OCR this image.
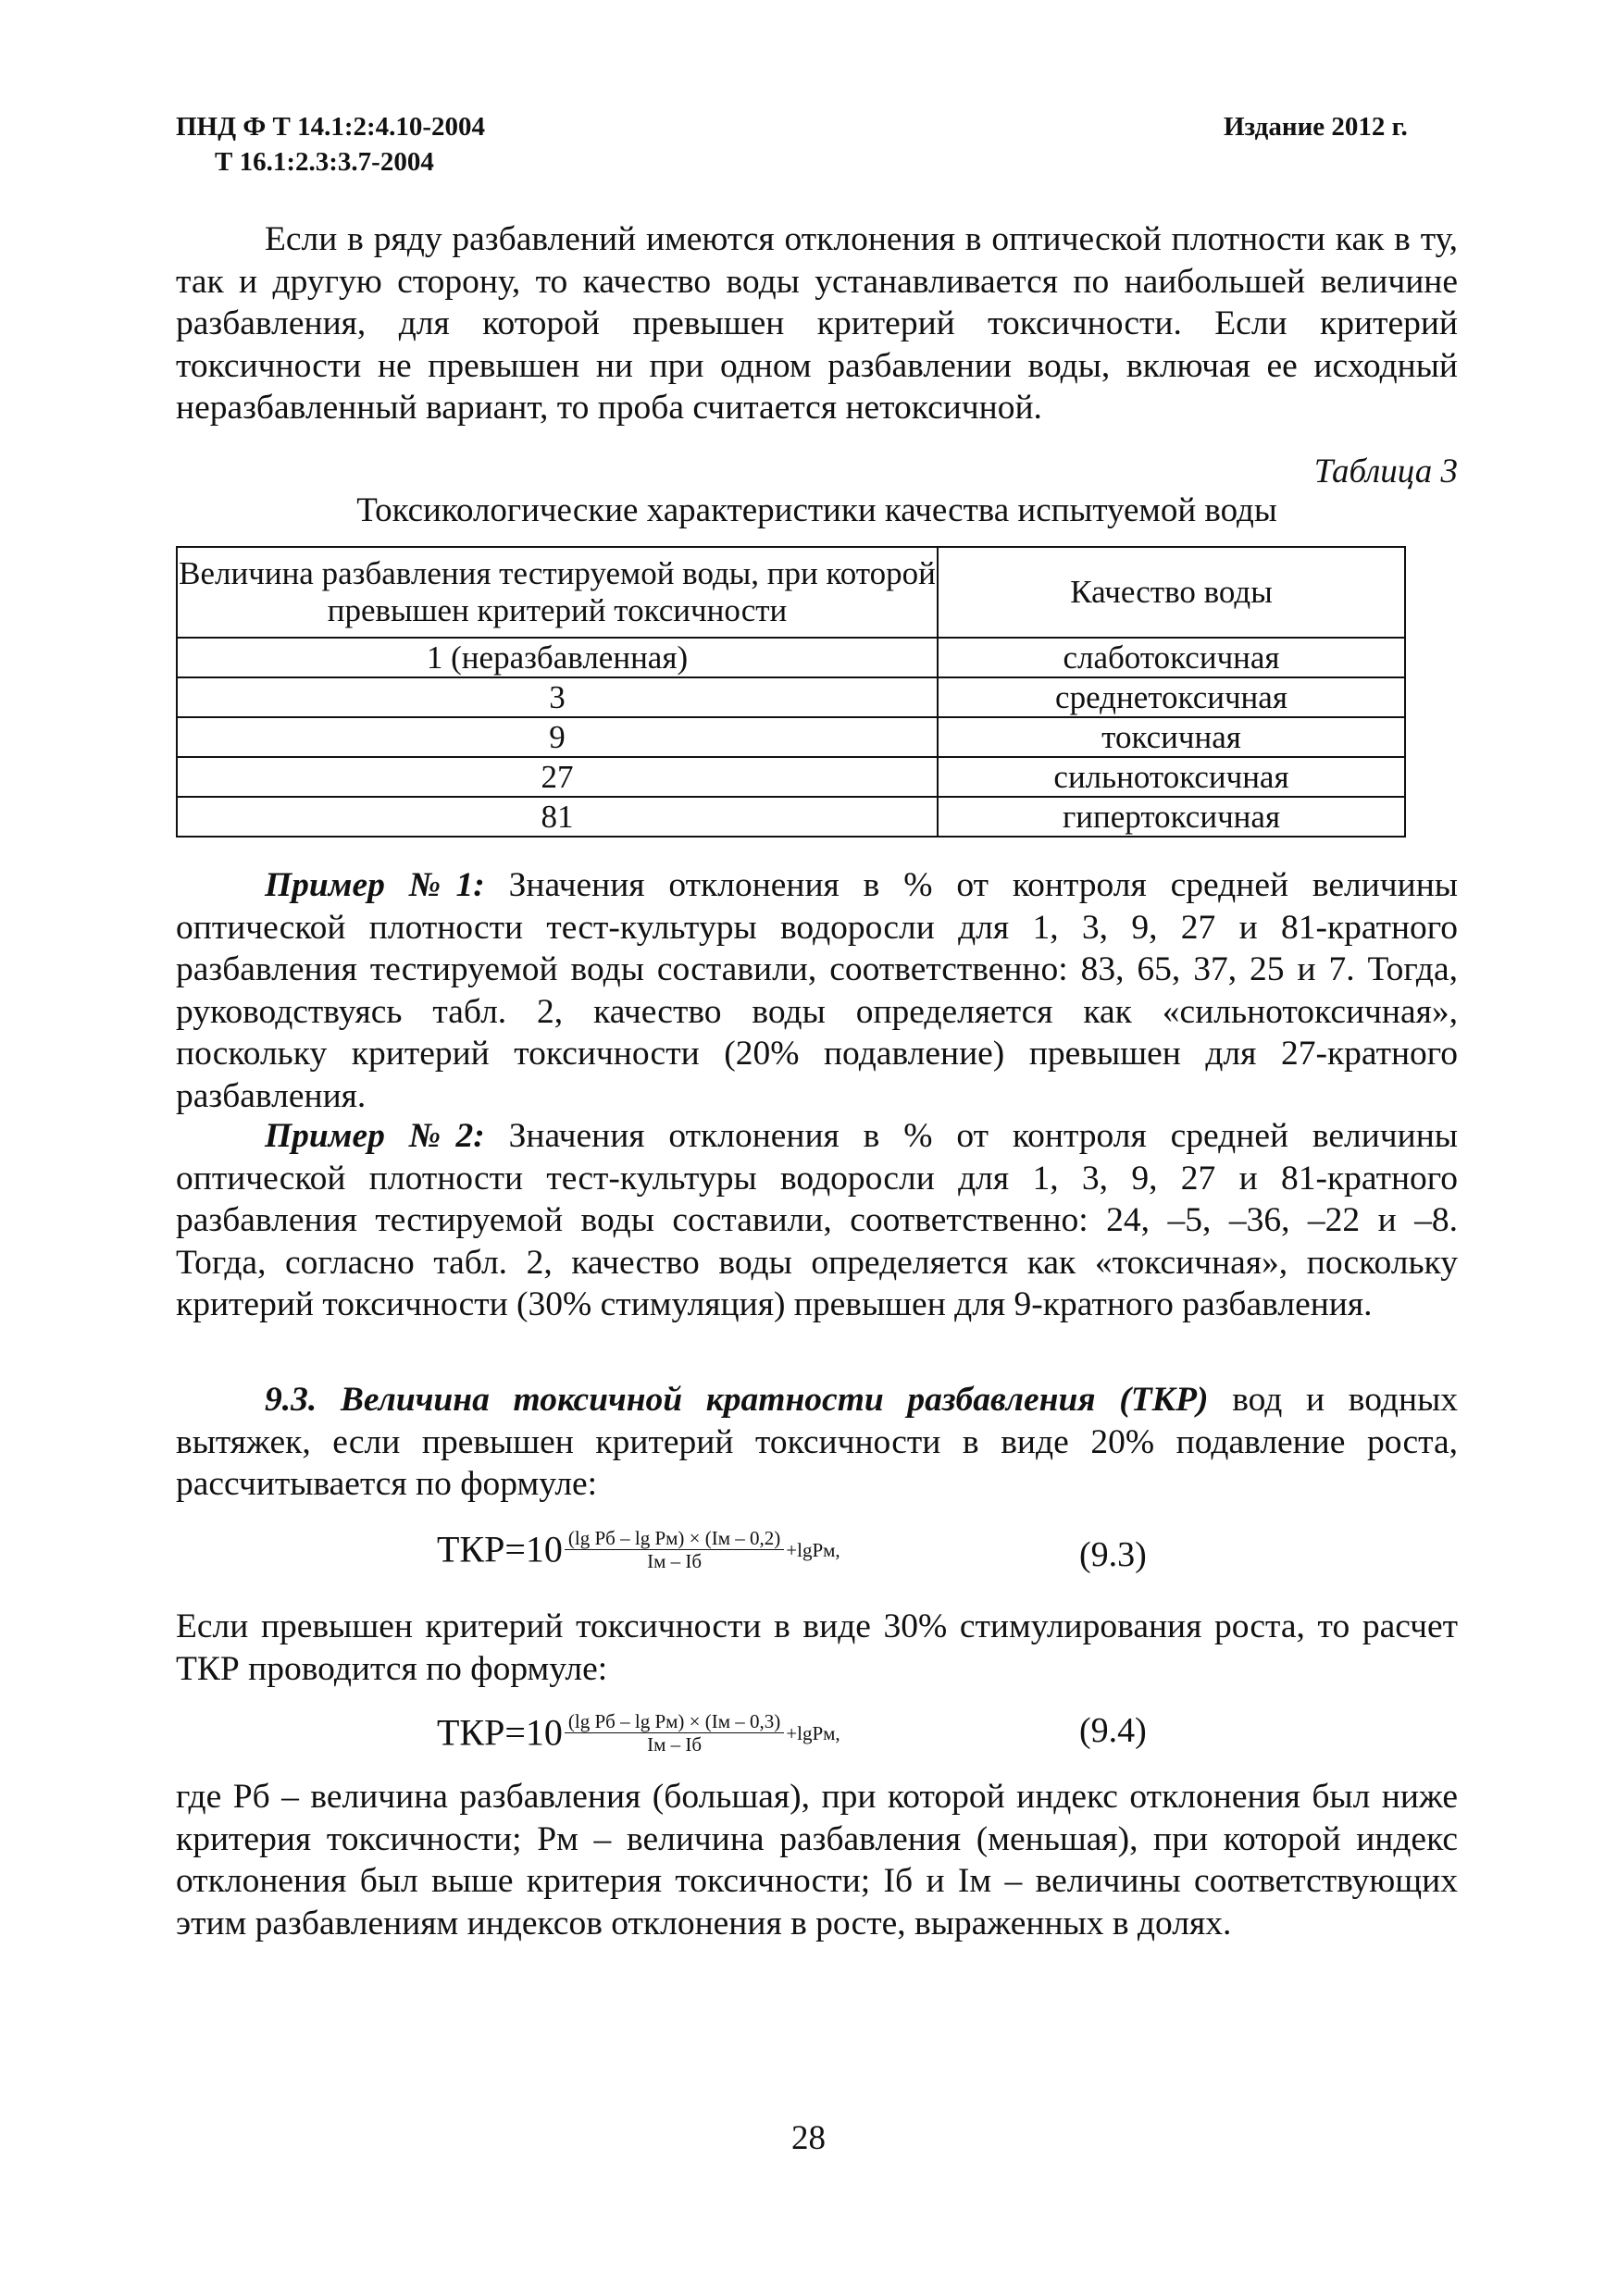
ПНД Ф Т 14.1:2:4.10-2004
Т 16.1:2.3:3.7-2004
Издание 2012 г.

Если в ряду разбавлений имеются отклонения в оптической плотности как в ту, так и другую сторону, то качество воды устанавливается по наибольшей величине разбавления, для которой превышен критерий токсичности. Если критерий токсичности не превышен ни при одном разбавлении воды, включая ее исходный неразбавленный вариант, то проба считается нетоксичной.

Таблица 3
Токсикологические характеристики качества испытуемой воды
Величина разбавления тестируемой воды, при которой превышен критерий токсичности	Качество воды
1 (неразбавленная)	слаботоксичная
3	среднетоксичная
9	токсичная
27	сильнотоксичная
81	гипертоксичная

Пример №1: Значения отклонения в % от контроля средней величины оптической плотности тест-культуры водоросли для 1, 3, 9, 27 и 81-кратного разбавления тестируемой воды составили, соответственно: 83, 65, 37, 25 и 7. Тогда, руководствуясь табл. 2, качество воды определяется как «сильнотоксичная», поскольку критерий токсичности (20% подавление) превышен для 27-кратного разбавления.

Пример №2: Значения отклонения в % от контроля средней величины оптической плотности тест-культуры водоросли для 1, 3, 9, 27 и 81-кратного разбавления тестируемой воды составили, соответственно: 24, –5, –36, –22 и –8. Тогда, согласно табл. 2, качество воды определяется как «токсичная», поскольку критерий токсичности (30% стимуляция) превышен для 9-кратного разбавления.

9.3. Величина токсичной кратности разбавления (ТКР) вод и водных вытяжек, если превышен критерий токсичности в виде 20% подавление роста, рассчитывается по формуле:

$ТКР=10 \frac{\text{(lg Pб – lg Pм) × (Iм – 0,2)}}{Iм - Iб} +\lg Pм$,	(9.3)

Если превышен критерий токсичности в виде 30% стимулирования роста, то расчет ТКР проводится по формуле:

$ТКР=10 \frac{\text{(lg Pб – lg Pм) × (Iм – 0,3)}}{Iм - Iб} +\lg Pм$,	(9.4)

где Рб – величина разбавления (большая), при которой индекс отклонения был ниже критерия токсичности; Рм – величина разбавления (меньшая), при которой индекс отклонения был выше критерия токсичности; Iб и Iм – величины соответствующих этим разбавлениям индексов отклонения в росте, выраженных в долях.

28
